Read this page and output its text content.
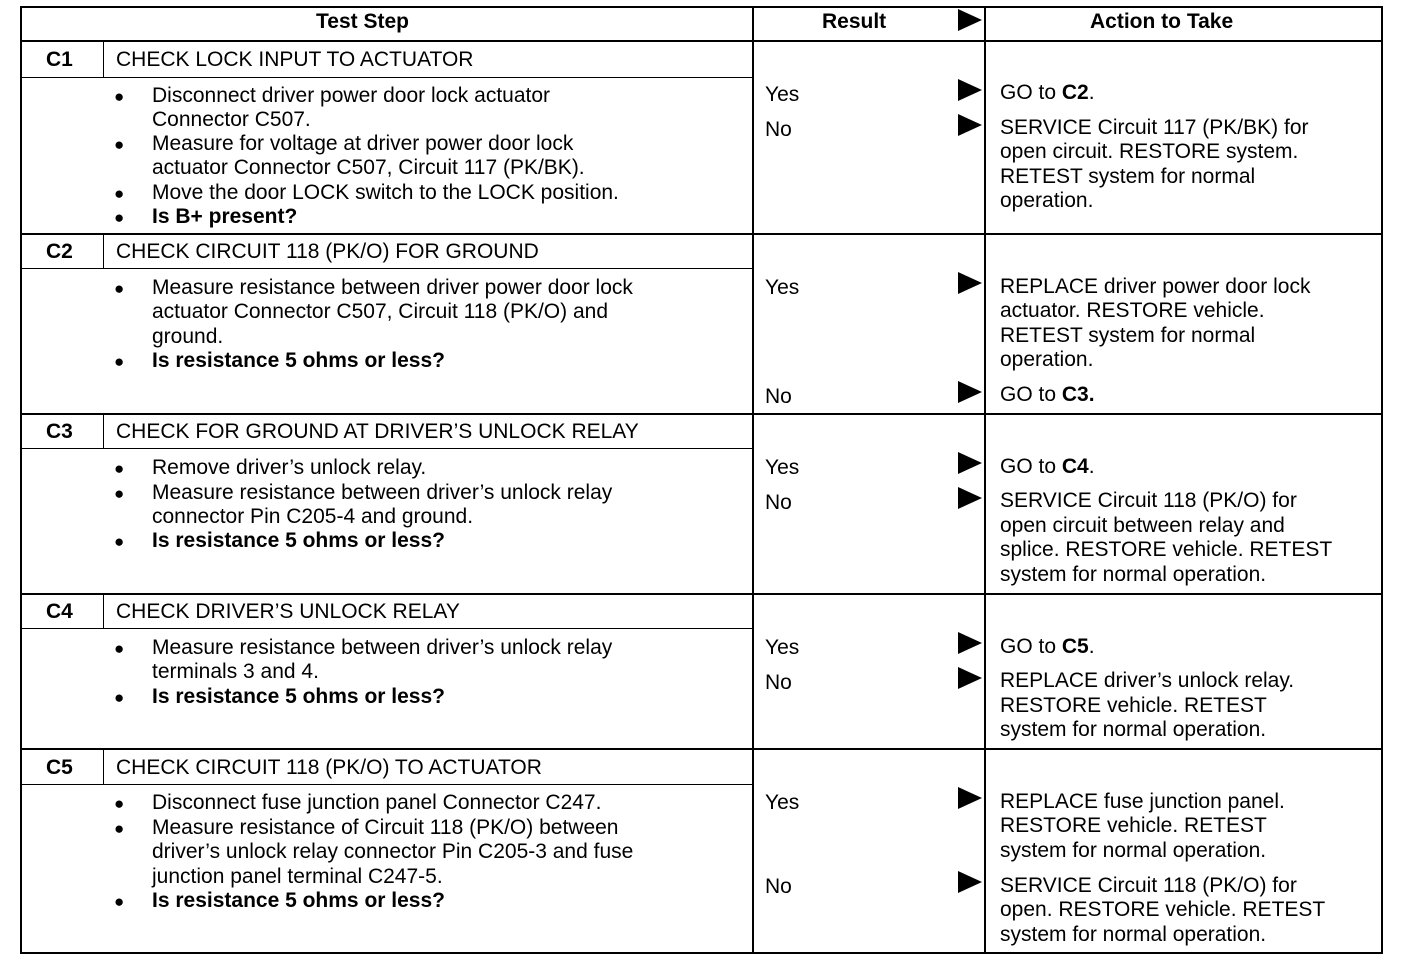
Test Step	Result	Action to Take
C1 CHECK LOCK INPUT TO ACTUATOR
● Disconnect driver power door lock actuator
Connector C507.
● Measure for voltage at driver power door lock
actuator Connector C507, Circuit 117 (PK/BK).
● Move the door LOCK switch to the LOCK position.
● Is B+ present?
Yes	GO to C2.
No	SERVICE Circuit 117 (PK/BK) for
open circuit. RESTORE system.
RETEST system for normal
operation.
C2 CHECK CIRCUIT 118 (PK/O) FOR GROUND
● Measure resistance between driver power door lock
actuator Connector C507, Circuit 118 (PK/O) and
ground.
● Is resistance 5 ohms or less?
Yes	REPLACE driver power door lock
actuator. RESTORE vehicle.
RETEST system for normal
operation.
No	GO to C3.
C3 CHECK FOR GROUND AT DRIVER’S UNLOCK RELAY
● Remove driver’s unlock relay.
● Measure resistance between driver’s unlock relay
connector Pin C205-4 and ground.
● Is resistance 5 ohms or less?
Yes	GO to C4.
No	SERVICE Circuit 118 (PK/O) for
open circuit between relay and
splice. RESTORE vehicle. RETEST
system for normal operation.
C4 CHECK DRIVER’S UNLOCK RELAY
● Measure resistance between driver’s unlock relay
terminals 3 and 4.
● Is resistance 5 ohms or less?
Yes	GO to C5.
No	REPLACE driver’s unlock relay.
RESTORE vehicle. RETEST
system for normal operation.
C5 CHECK CIRCUIT 118 (PK/O) TO ACTUATOR
● Disconnect fuse junction panel Connector C247.
● Measure resistance of Circuit 118 (PK/O) between
driver’s unlock relay connector Pin C205-3 and fuse
junction panel terminal C247-5.
● Is resistance 5 ohms or less?
Yes	REPLACE fuse junction panel.
RESTORE vehicle. RETEST
system for normal operation.
No	SERVICE Circuit 118 (PK/O) for
open. RESTORE vehicle. RETEST
system for normal operation.
